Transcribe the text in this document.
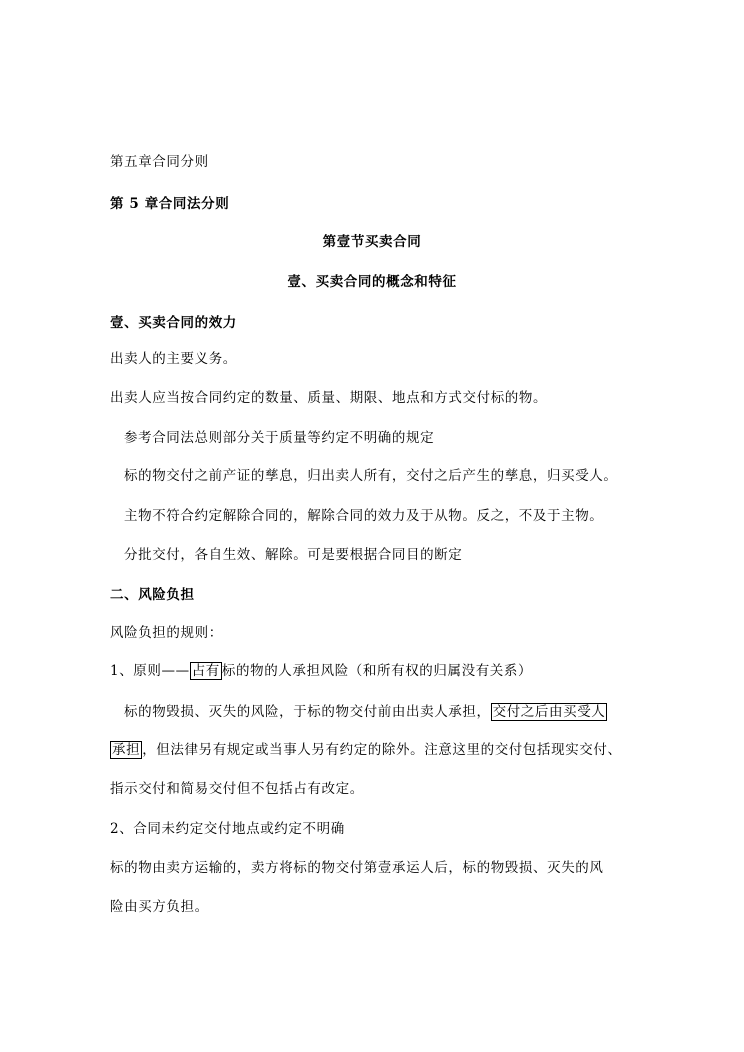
第五章合同分则
第 5 章合同法分则
第壹节买卖合同
壹、买卖合同的概念和特征
壹、买卖合同的效力
出卖人的主要义务。
出卖人应当按合同约定的数量、质量、期限、地点和方式交付标的物。
参考合同法总则部分关于质量等约定不明确的规定
标的物交付之前产证的孳息，归出卖人所有，交付之后产生的孳息，归买受人。
主物不符合约定解除合同的，解除合同的效力及于从物。反之，不及于主物。
分批交付，各自生效、解除。可是要根据合同目的断定
二、风险负担
风险负担的规则：
1、原则—— 占有 标的物的人承担风险（和所有权的归属没有关系）
标的物毁损、灭失的风险，于标的物交付前由出卖人承担， 交付之后由买受人
承担 ，但法律另有规定或当事人另有约定的除外。注意这里的交付包括现实交付、
指示交付和简易交付但不包括占有改定。
2、合同未约定交付地点或约定不明确
标的物由卖方运输的，卖方将标的物交付第壹承运人后，标的物毁损、灭失的风
险由买方负担。
